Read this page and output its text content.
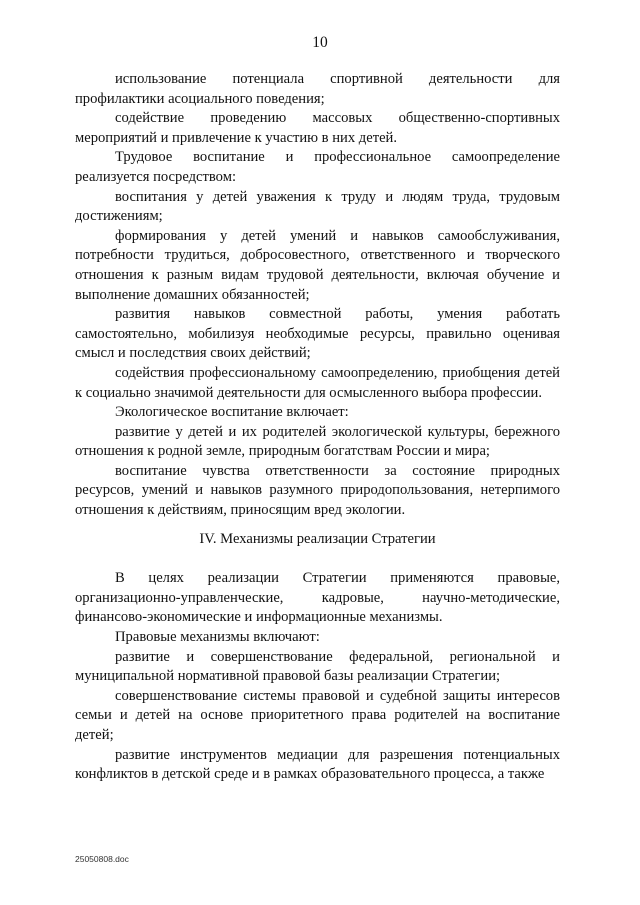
10

использование потенциала спортивной деятельности для профилактики асоциального поведения;

содействие проведению массовых общественно-спортивных мероприятий и привлечение к участию в них детей.

Трудовое воспитание и профессиональное самоопределение реализуется посредством:

воспитания у детей уважения к труду и людям труда, трудовым достижениям;

формирования у детей умений и навыков самообслуживания, потребности трудиться, добросовестного, ответственного и творческого отношения к разным видам трудовой деятельности, включая обучение и выполнение домашних обязанностей;

развития навыков совместной работы, умения работать самостоятельно, мобилизуя необходимые ресурсы, правильно оценивая смысл и последствия своих действий;

содействия профессиональному самоопределению, приобщения детей к социально значимой деятельности для осмысленного выбора профессии.

Экологическое воспитание включает:

развитие у детей и их родителей экологической культуры, бережного отношения к родной земле, природным богатствам России и мира;

воспитание чувства ответственности за состояние природных ресурсов, умений и навыков разумного природопользования, нетерпимого отношения к действиям, приносящим вред экологии.

IV. Механизмы реализации Стратегии

В целях реализации Стратегии применяются правовые, организационно-управленческие, кадровые, научно-методические, финансово-экономические и информационные механизмы.

Правовые механизмы включают:

развитие и совершенствование федеральной, региональной и муниципальной нормативной правовой базы реализации Стратегии;

совершенствование системы правовой и судебной защиты интересов семьи и детей на основе приоритетного права родителей на воспитание детей;

развитие инструментов медиации для разрешения потенциальных конфликтов в детской среде и в рамках образовательного процесса, а также

25050808.doc
